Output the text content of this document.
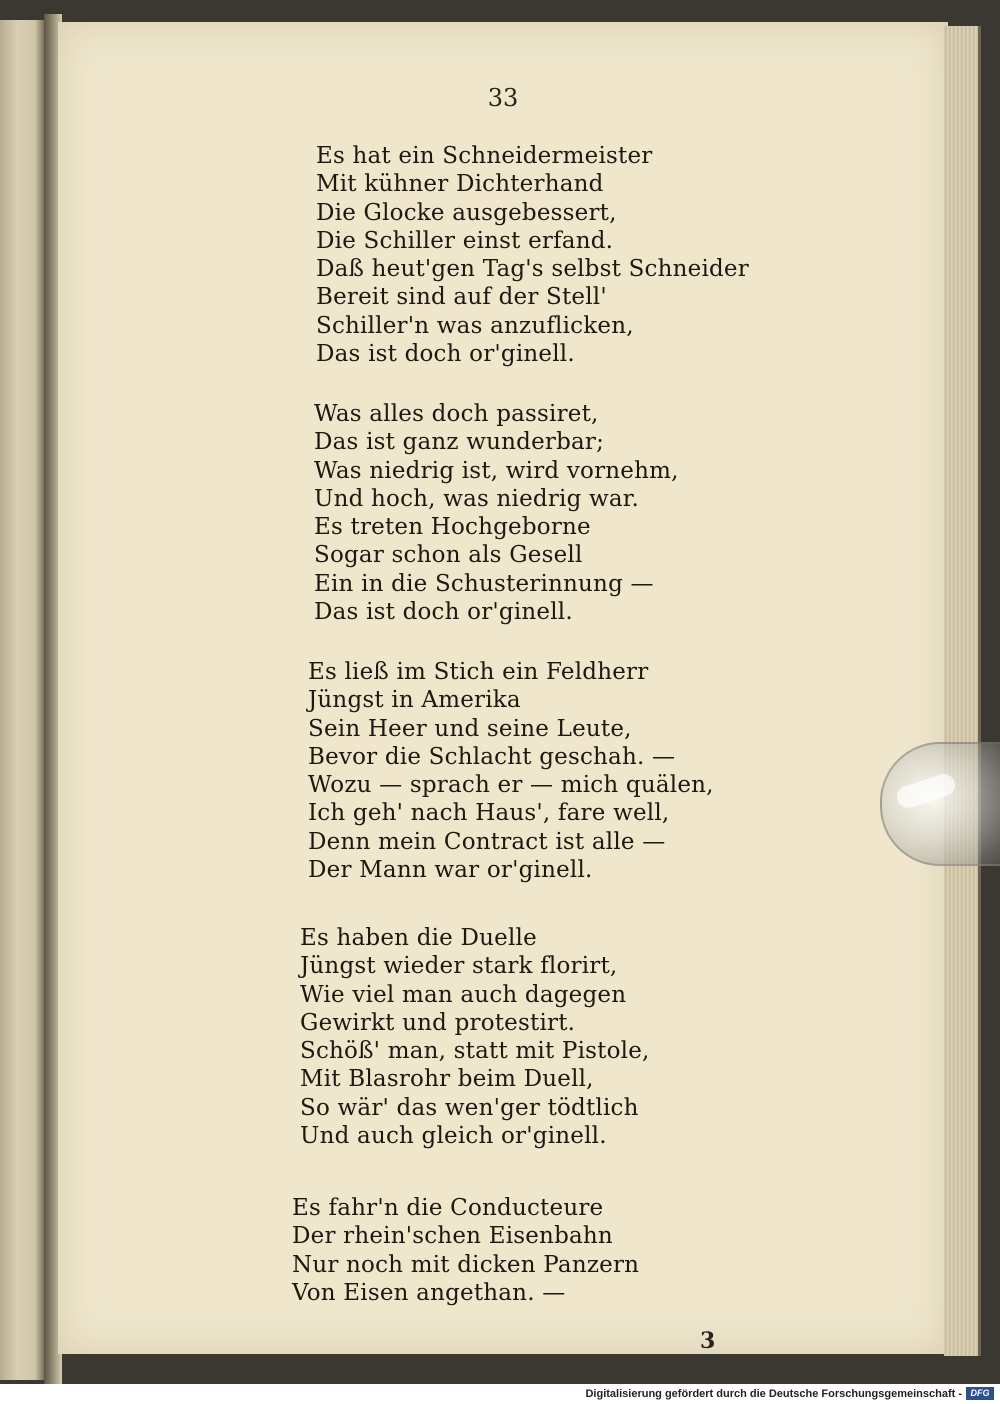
33
Es hat ein Schneidermeister
Mit kühner Dichterhand
Die Glocke ausgebessert,
Die Schiller einst erfand.
Daß heut'gen Tag's selbst Schneider
Bereit sind auf der Stell'
Schiller'n was anzuflicken,
Das ist doch or'ginell.
Was alles doch passiret,
Das ist ganz wunderbar;
Was niedrig ist, wird vornehm,
Und hoch, was niedrig war.
Es treten Hochgeborne
Sogar schon als Gesell
Ein in die Schusterinnung —
Das ist doch or'ginell.
Es ließ im Stich ein Feldherr
Jüngst in Amerika
Sein Heer und seine Leute,
Bevor die Schlacht geschah. —
Wozu — sprach er — mich quälen,
Ich geh' nach Haus', fare well,
Denn mein Contract ist alle —
Der Mann war or'ginell.
Es haben die Duelle
Jüngst wieder stark florirt,
Wie viel man auch dagegen
Gewirkt und protestirt.
Schöß' man, statt mit Pistole,
Mit Blasrohr beim Duell,
So wär' das wen'ger tödtlich
Und auch gleich or'ginell.
Es fahr'n die Conducteure
Der rhein'schen Eisenbahn
Nur noch mit dicken Panzern
Von Eisen angethan. —
3
Digitalisierung gefördert durch die Deutsche Forschungsgemeinschaft - DFG
